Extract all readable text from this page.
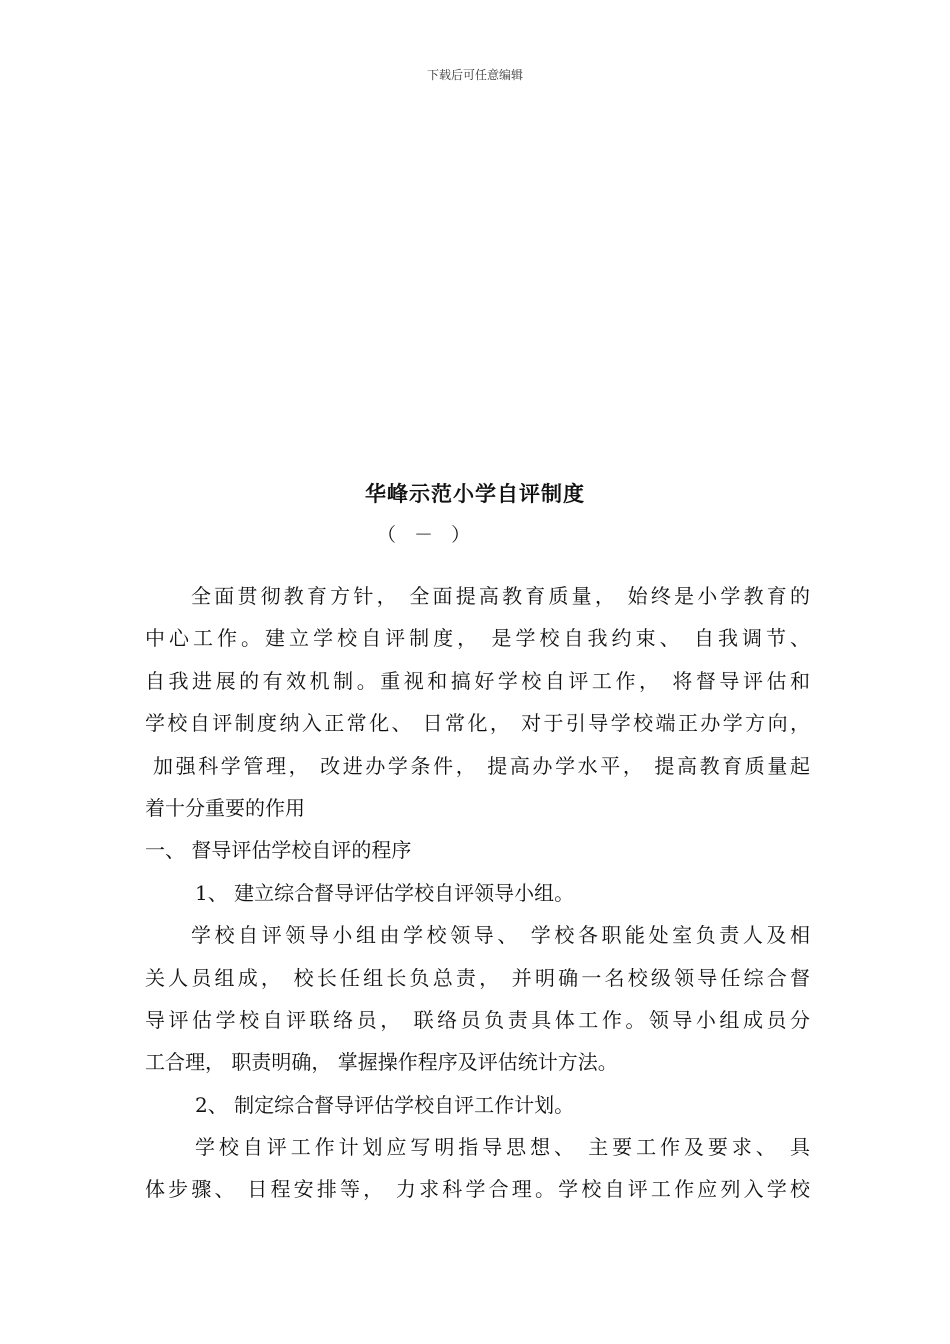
下载后可任意编辑
华峰示范小学自评制度
（ － ）
全面贯彻教育方针， 全面提高教育质量， 始终是小学教育的
中心工作。建立学校自评制度， 是学校自我约束、 自我调节、
自我进展的有效机制。重视和搞好学校自评工作， 将督导评估和
学校自评制度纳入正常化、 日常化， 对于引导学校端正办学方向，
加强科学管理， 改进办学条件， 提高办学水平， 提高教育质量起
着十分重要的作用
一、 督导评估学校自评的程序
1、 建立综合督导评估学校自评领导小组。
学校自评领导小组由学校领导、 学校各职能处室负责人及相
关人员组成， 校长任组长负总责， 并明确一名校级领导任综合督
导评估学校自评联络员， 联络员负责具体工作。领导小组成员分
工合理， 职责明确， 掌握操作程序及评估统计方法。
2、 制定综合督导评估学校自评工作计划。
学校自评工作计划应写明指导思想、 主要工作及要求、 具
体步骤、 日程安排等， 力求科学合理。学校自评工作应列入学校
